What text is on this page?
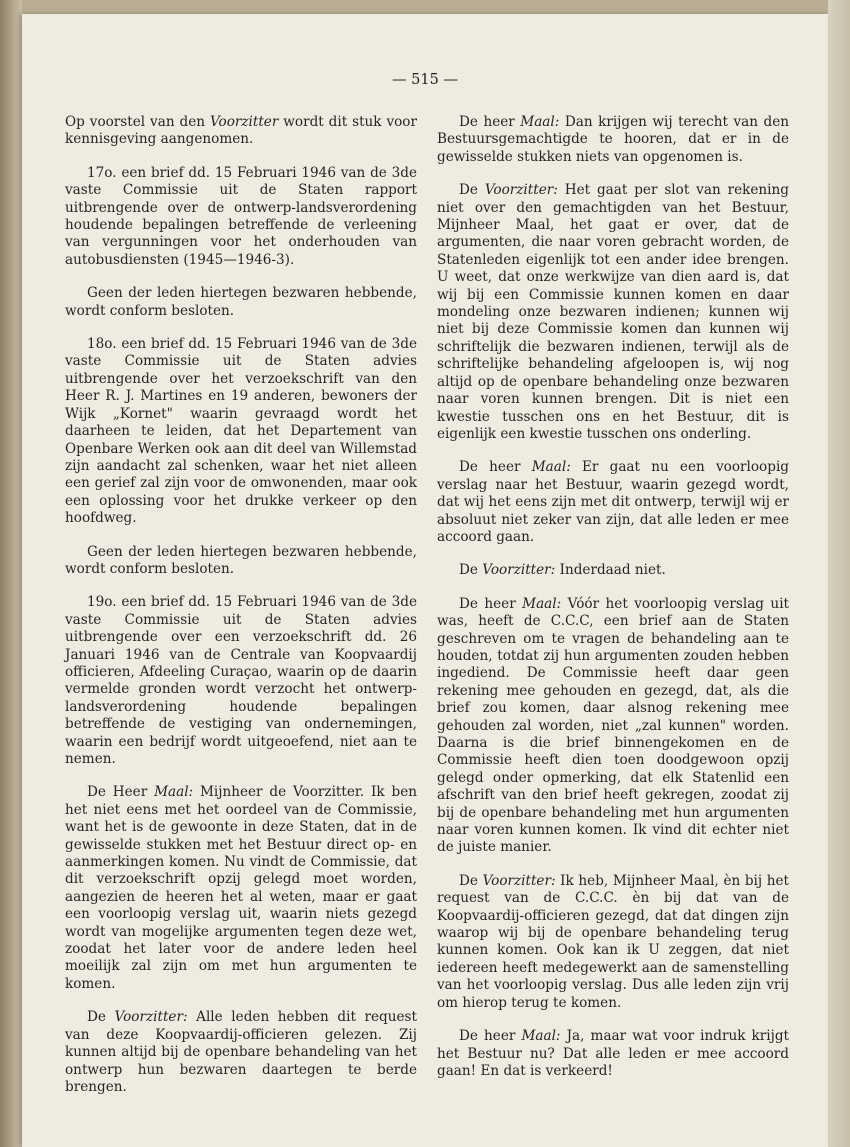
— 515 —

Op voorstel van den Voorzitter wordt dit stuk voor kennisgeving aangenomen.

17o. een brief dd. 15 Februari 1946 van de 3de vaste Commissie uit de Staten rapport uitbrengende over de ontwerp-landsverordening houdende bepalingen betreffende de verleening van vergunningen voor het onderhouden van autobusdiensten (1945—1946-3).

Geen der leden hiertegen bezwaren hebbende, wordt conform besloten.

18o. een brief dd. 15 Februari 1946 van de 3de vaste Commissie uit de Staten advies uitbrengende over het verzoekschrift van den Heer R. J. Martines en 19 anderen, bewoners der Wijk „Kornet" waarin gevraagd wordt het daarheen te leiden, dat het Departement van Openbare Werken ook aan dit deel van Willemstad zijn aandacht zal schenken, waar het niet alleen een gerief zal zijn voor de omwonenden, maar ook een oplossing voor het drukke verkeer op den hoofdweg.

Geen der leden hiertegen bezwaren hebbende, wordt conform besloten.

19o. een brief dd. 15 Februari 1946 van de 3de vaste Commissie uit de Staten advies uitbrengende over een verzoekschrift dd. 26 Januari 1946 van de Centrale van Koopvaardij officieren, Afdeeling Curaçao, waarin op de daarin vermelde gronden wordt verzocht het ontwerp-landsverordening houdende bepalingen betreffende de vestiging van ondernemingen, waarin een bedrijf wordt uitgeoefend, niet aan te nemen.

De Heer Maal: Mijnheer de Voorzitter. Ik ben het niet eens met het oordeel van de Commissie, want het is de gewoonte in deze Staten, dat in de gewisselde stukken met het Bestuur direct op- en aanmerkingen komen. Nu vindt de Commissie, dat dit verzoekschrift opzij gelegd moet worden, aangezien de heeren het al weten, maar er gaat een voorloopig verslag uit, waarin niets gezegd wordt van mogelijke argumenten tegen deze wet, zoodat het later voor de andere leden heel moeilijk zal zijn om met hun argumenten te komen.

De Voorzitter: Alle leden hebben dit request van deze Koopvaardij-officieren gelezen. Zij kunnen altijd bij de openbare behandeling van het ontwerp hun bezwaren daartegen te berde brengen.

De heer Maal: Dan krijgen wij terecht van den Bestuursgemachtigde te hooren, dat er in de gewisselde stukken niets van opgenomen is.

De Voorzitter: Het gaat per slot van rekening niet over den gemachtigden van het Bestuur, Mijnheer Maal, het gaat er over, dat de argumenten, die naar voren gebracht worden, de Statenleden eigenlijk tot een ander idee brengen. U weet, dat onze werkwijze van dien aard is, dat wij bij een Commissie kunnen komen en daar mondeling onze bezwaren indienen; kunnen wij niet bij deze Commissie komen dan kunnen wij schriftelijk die bezwaren indienen, terwijl als de schriftelijke behandeling afgeloopen is, wij nog altijd op de openbare behandeling onze bezwaren naar voren kunnen brengen. Dit is niet een kwestie tusschen ons en het Bestuur, dit is eigenlijk een kwestie tusschen ons onderling.

De heer Maal: Er gaat nu een voorloopig verslag naar het Bestuur, waarin gezegd wordt, dat wij het eens zijn met dit ontwerp, terwijl wij er absoluut niet zeker van zijn, dat alle leden er mee accoord gaan.

De Voorzitter: Inderdaad niet.

De heer Maal: Vóór het voorloopig verslag uit was, heeft de C.C.C, een brief aan de Staten geschreven om te vragen de behandeling aan te houden, totdat zij hun argumenten zouden hebben ingediend. De Commissie heeft daar geen rekening mee gehouden en gezegd, dat, als die brief zou komen, daar alsnog rekening mee gehouden zal worden, niet „zal kunnen" worden. Daarna is die brief binnengekomen en de Commissie heeft dien toen doodgewoon opzij gelegd onder opmerking, dat elk Statenlid een afschrift van den brief heeft gekregen, zoodat zij bij de openbare behandeling met hun argumenten naar voren kunnen komen. Ik vind dit echter niet de juiste manier.

De Voorzitter: Ik heb, Mijnheer Maal, èn bij het request van de C.C.C. èn bij dat van de Koopvaardij-officieren gezegd, dat dat dingen zijn waarop wij bij de openbare behandeling terug kunnen komen. Ook kan ik U zeggen, dat niet iedereen heeft medegewerkt aan de samenstelling van het voorloopig verslag. Dus alle leden zijn vrij om hierop terug te komen.

De heer Maal: Ja, maar wat voor indruk krijgt het Bestuur nu? Dat alle leden er mee accoord gaan! En dat is verkeerd!
